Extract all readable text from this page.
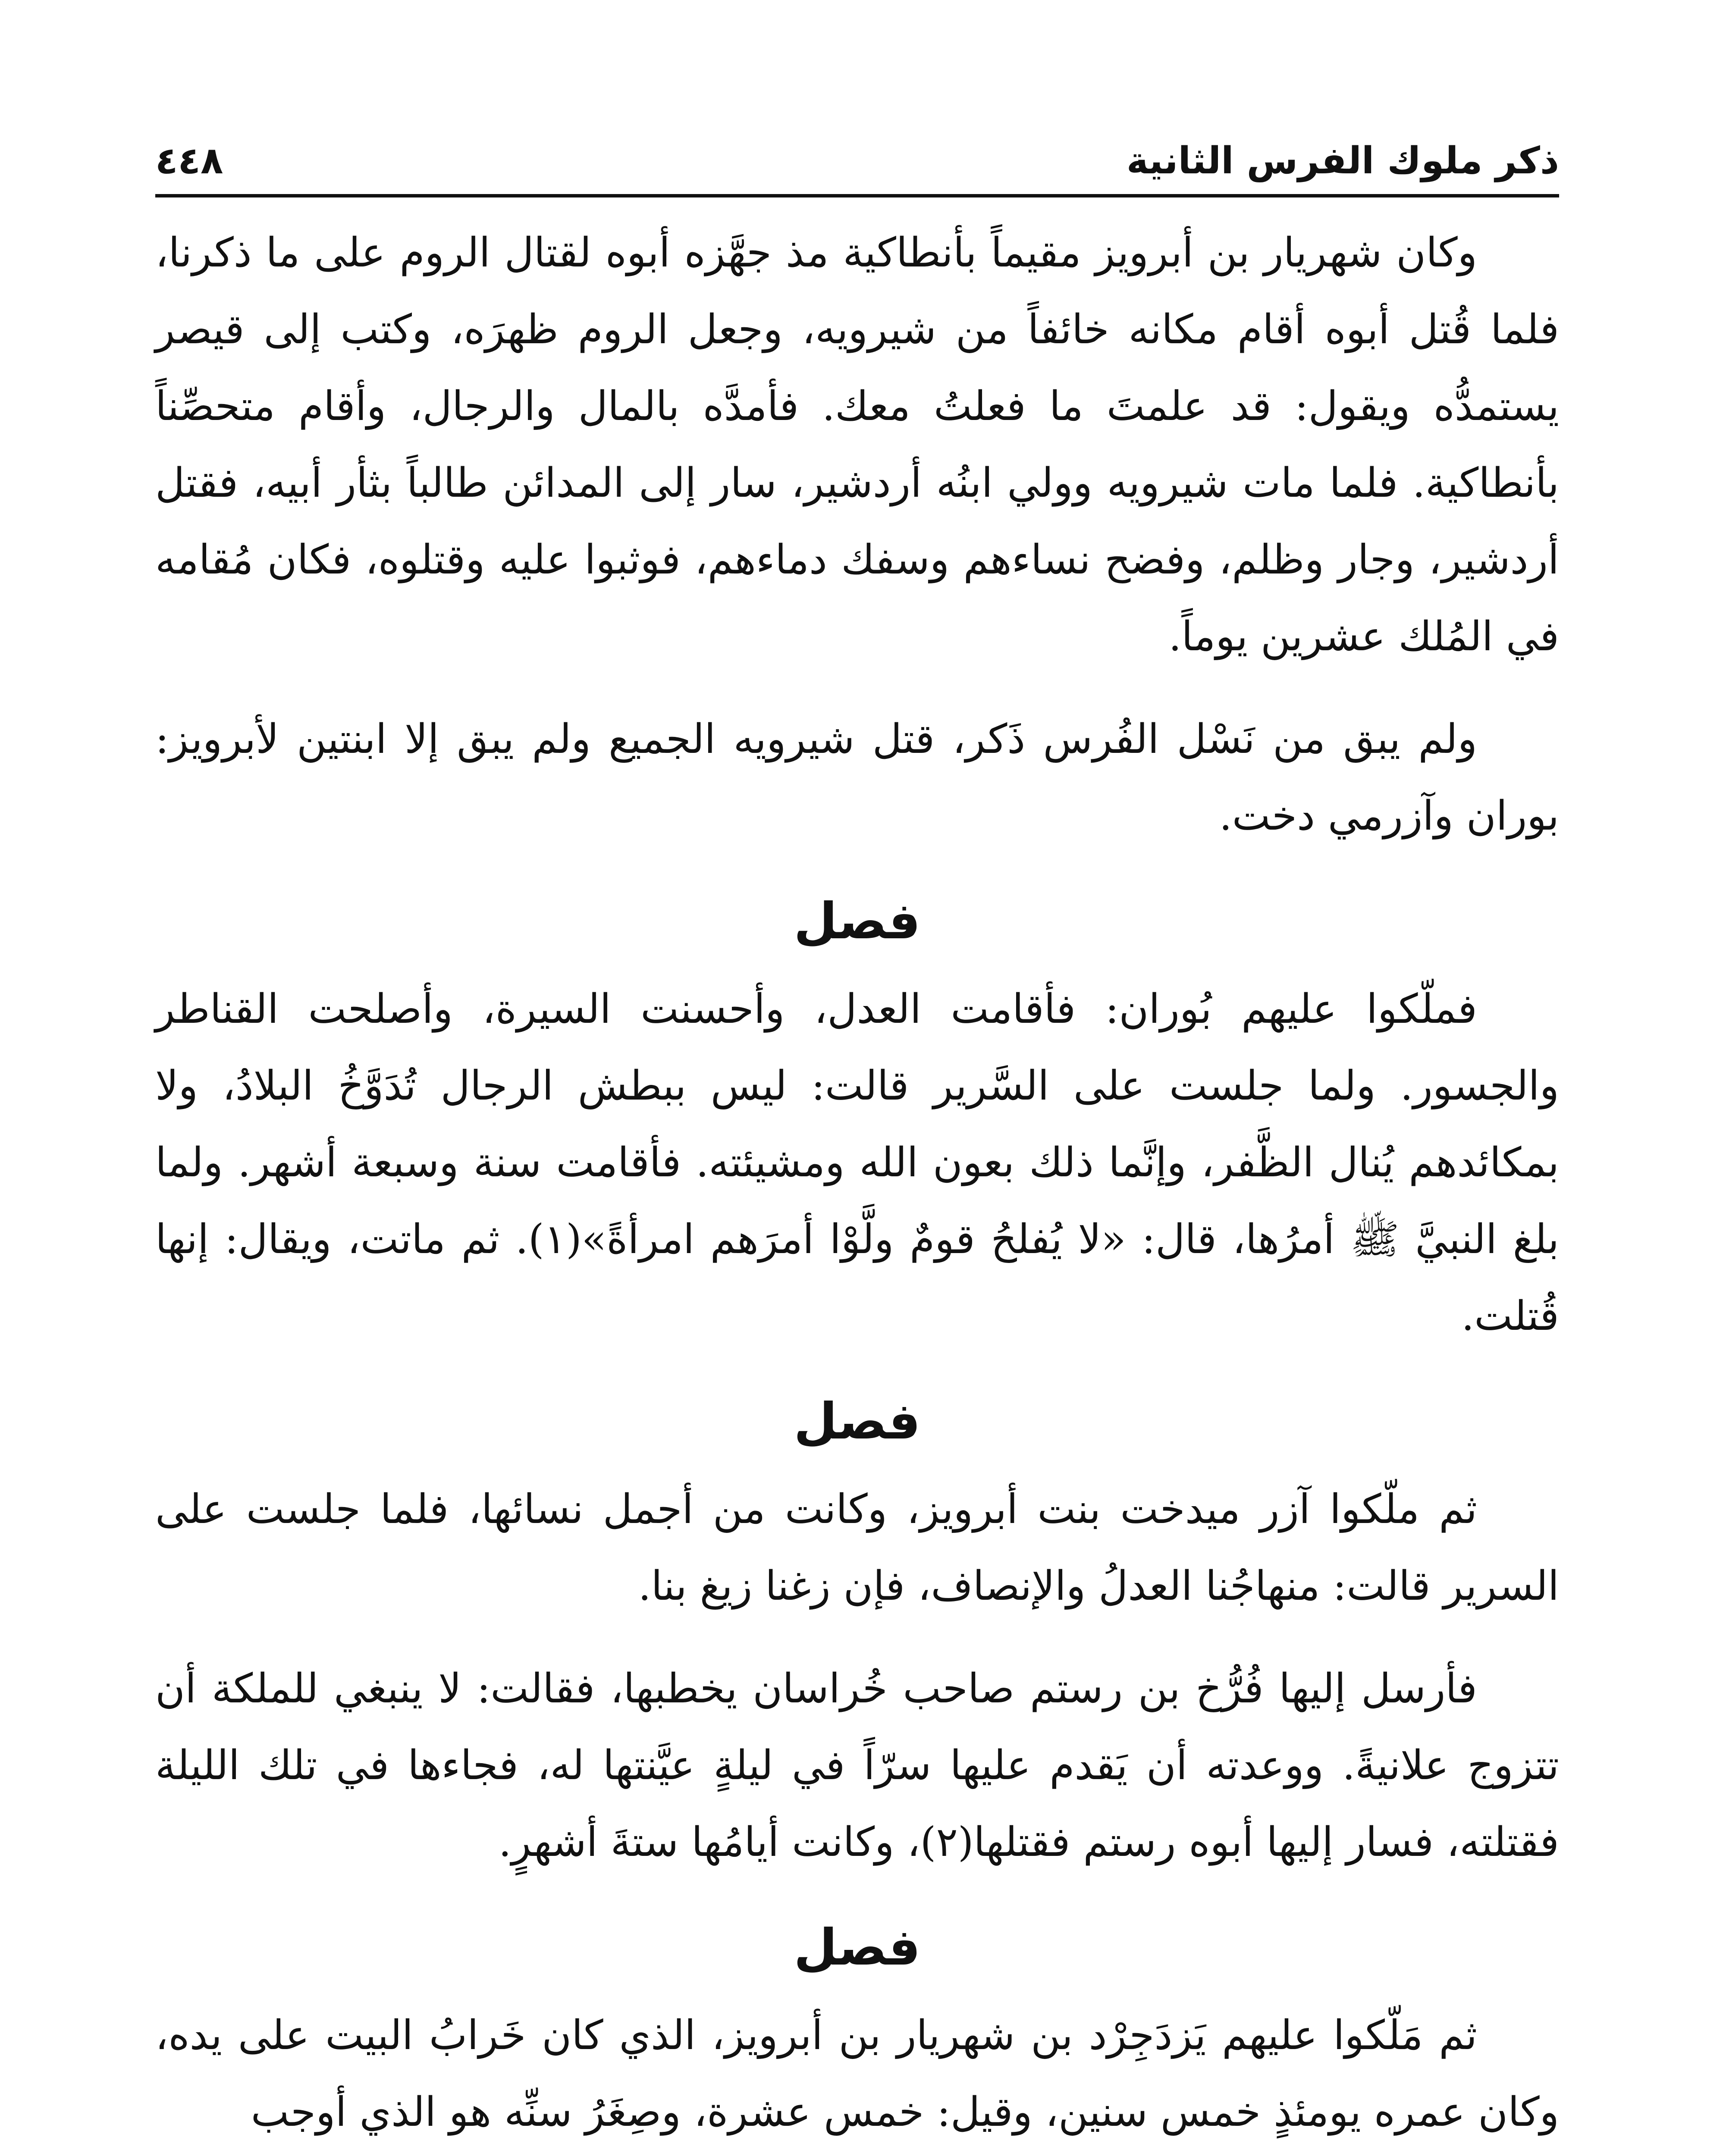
ذكر ملوك الفرس الثانية
٤٤٨

وكان شهريار بن أبرويز مقيماً بأنطاكية مذ جهَّزه أبوه لقتال الروم على ما ذكرنا، فلما قُتل أبوه أقام مكانه خائفاً من شيرويه، وجعل الروم ظهرَه، وكتب إلى قيصر يستمدُّه ويقول: قد علمتَ ما فعلتُ معك. فأمدَّه بالمال والرجال، وأقام متحصِّناً بأنطاكية. فلما مات شيرويه وولي ابنُه أردشير، سار إلى المدائن طالباً بثأر أبيه، فقتل أردشير، وجار وظلم، وفضح نساءهم وسفك دماءهم، فوثبوا عليه وقتلوه، فكان مُقامه في المُلك عشرين يوماً.

ولم يبق من نَسْل الفُرس ذَكر، قتل شيرويه الجميع ولم يبق إلا ابنتين لأبرويز: بوران وآزرمي دخت.

فصل

فملّكوا عليهم بُوران: فأقامت العدل، وأحسنت السيرة، وأصلحت القناطر والجسور. ولما جلست على السَّرير قالت: ليس ببطش الرجال تُدَوَّخُ البلادُ، ولا بمكائدهم يُنال الظَّفر، وإنَّما ذلك بعون الله ومشيئته. فأقامت سنة وسبعة أشهر. ولما بلغ النبيَّ ﷺ أمرُها، قال: «لا يُفلحُ قومٌ ولَّوْا أمرَهم امرأةً»(١). ثم ماتت، ويقال: إنها قُتلت.

فصل

ثم ملّكوا آزر ميدخت بنت أبرويز، وكانت من أجمل نسائها، فلما جلست على السرير قالت: منهاجُنا العدلُ والإنصاف، فإن زغنا زيغ بنا.

فأرسل إليها فُرُّخ بن رستم صاحب خُراسان يخطبها، فقالت: لا ينبغي للملكة أن تتزوج علانيةً. ووعدته أن يَقدم عليها سرّاً في ليلةٍ عيَّنتها له، فجاءها في تلك الليلة فقتلته، فسار إليها أبوه رستم فقتلها(٢)، وكانت أيامُها ستةَ أشهرٍ.

فصل

ثم مَلّكوا عليهم يَزدَجِرْد بن شهريار بن أبرويز، الذي كان خَرابُ البيت على يده، وكان عمره يومئذٍ خمس سنين، وقيل: خمس عشرة، وصِغَرُ سنِّه هو الذي أوجب
